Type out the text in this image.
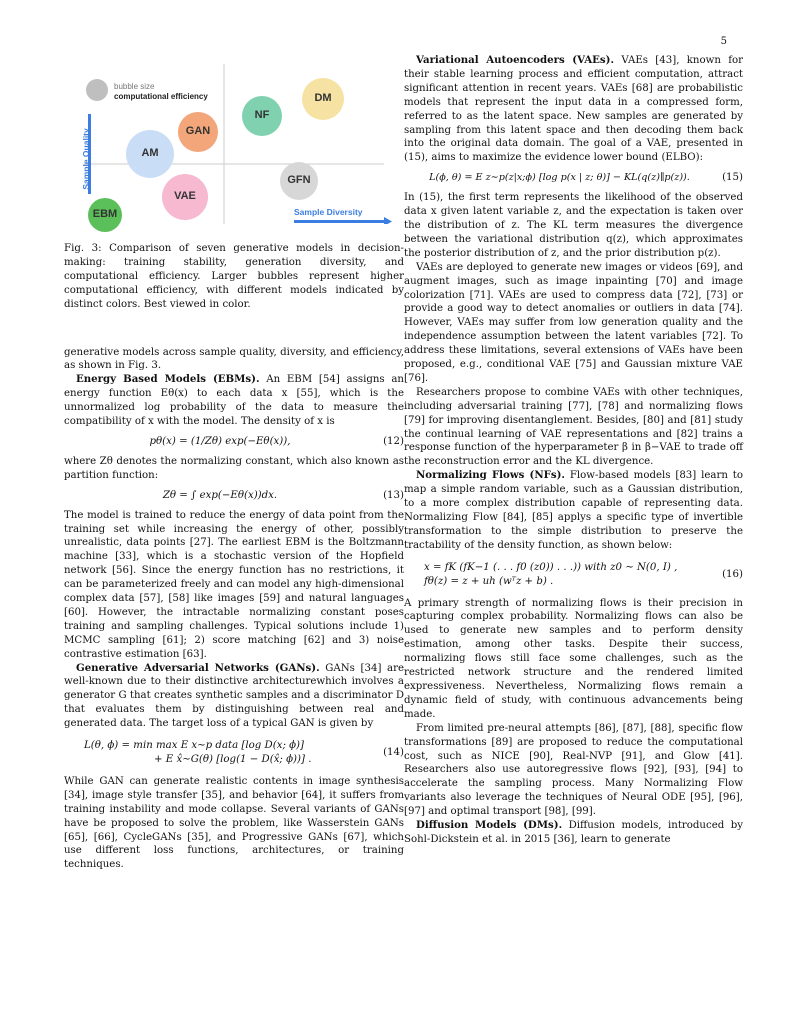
5
bubble size
computational efficiency
Sample Quality
Sample Diversity
DM
NF
GAN
AM
GFN
VAE
EBM

Fig. 3: Comparison of seven generative models in decision-making: training stability, generation diversity, and computational efficiency. Larger bubbles represent higher computational efficiency, with different models indicated by distinct colors. Best viewed in color.

generative models across sample quality, diversity, and efficiency, as shown in Fig. 3.

Energy Based Models (EBMs). An EBM [54] assigns an energy function Eθ(x) to each data x [55], which is the unnormalized log probability of the data to measure the compatibility of x with the model. The density of x is

pθ(x) = (1/Zθ) exp(−Eθ(x)),	(12)

where Zθ denotes the normalizing constant, which also known as partition function:

Zθ = ∫ exp(−Eθ(x))dx.	(13)

The model is trained to reduce the energy of data point from the training set while increasing the energy of other, possibly unrealistic, data points [27]. The earliest EBM is the Boltzmann machine [33], which is a stochastic version of the Hopfield network [56]. Since the energy function has no restrictions, it can be parameterized freely and can model any high-dimensional complex data [57], [58] like images [59] and natural languages [60]. However, the intractable normalizing constant poses training and sampling challenges. Typical solutions include 1) MCMC sampling [61]; 2) score matching [62] and 3) noise contrastive estimation [63].

Generative Adversarial Networks (GANs). GANs [34] are well-known due to their distinctive architecturewhich involves a generator G that creates synthetic samples and a discriminator D that evaluates them by distinguishing between real and generated data. The target loss of a typical GAN is given by

L(θ, ϕ) = min max E x∼p data [log D(x; ϕ)]
+ E x̂∼G(θ) [log(1 − D(x̂; ϕ))] .
(14)

While GAN can generate realistic contents in image synthesis [34], image style transfer [35], and behavior [64], it suffers from training instability and mode collapse. Several variants of GANs have be proposed to solve the problem, like Wasserstein GANs [65], [66], CycleGANs [35], and Progressive GANs [67], which use different loss functions, architectures, or training techniques.

Variational Autoencoders (VAEs). VAEs [43], known for their stable learning process and efficient computation, attract significant attention in recent years. VAEs [68] are probabilistic models that represent the input data in a compressed form, referred to as the latent space. New samples are generated by sampling from this latent space and then decoding them back into the original data domain. The goal of a VAE, presented in (15), aims to maximize the evidence lower bound (ELBO):

L(ϕ, θ) = E z∼p(z|x;ϕ) [log p(x | z; θ)] − KL(q(z)∥p(z)).	(15)

In (15), the first term represents the likelihood of the observed data x given latent variable z, and the expectation is taken over the distribution of z. The KL term measures the divergence between the variational distribution q(z), which approximates the posterior distribution of z, and the prior distribution p(z).

VAEs are deployed to generate new images or videos [69], and augment images, such as image inpainting [70] and image colorization [71]. VAEs are used to compress data [72], [73] or provide a good way to detect anomalies or outliers in data [74]. However, VAEs may suffer from low generation quality and the independence assumption between the latent variables [72]. To address these limitations, several extensions of VAEs have been proposed, e.g., conditional VAE [75] and Gaussian mixture VAE [76].

Researchers propose to combine VAEs with other techniques, including adversarial training [77], [78] and normalizing flows [79] for improving disentanglement. Besides, [80] and [81] study the continual learning of VAE representations and [82] trains a response function of the hyperparameter β in β−VAE to trade off the reconstruction error and the KL divergence.

Normalizing Flows (NFs). Flow-based models [83] learn to map a simple random variable, such as a Gaussian distribution, to a more complex distribution capable of representing data. Normalizing Flow [84], [85] applys a specific type of invertible transformation to the simple distribution to preserve the tractability of the density function, as shown below:

x = fK (fK−1 (. . . f0 (z0)) . . .)) with z0 ∼ N(0, I) ,
fθ(z) = z + uh (wᵀz + b) .
(16)

A primary strength of normalizing flows is their precision in capturing complex probability. Normalizing flows can also be used to generate new samples and to perform density estimation, among other tasks. Despite their success, normalizing flows still face some challenges, such as the restricted network structure and the rendered limited expressiveness. Nevertheless, Normalizing flows remain a dynamic field of study, with continuous advancements being made.

From limited pre-neural attempts [86], [87], [88], specific flow transformations [89] are proposed to reduce the computational cost, such as NICE [90], Real-NVP [91], and Glow [41]. Researchers also use autoregressive flows [92], [93], [94] to accelerate the sampling process. Many Normalizing Flow variants also leverage the techniques of Neural ODE [95], [96], [97] and optimal transport [98], [99].

Diffusion Models (DMs). Diffusion models, introduced by Sohl-Dickstein et al. in 2015 [36], learn to generate
